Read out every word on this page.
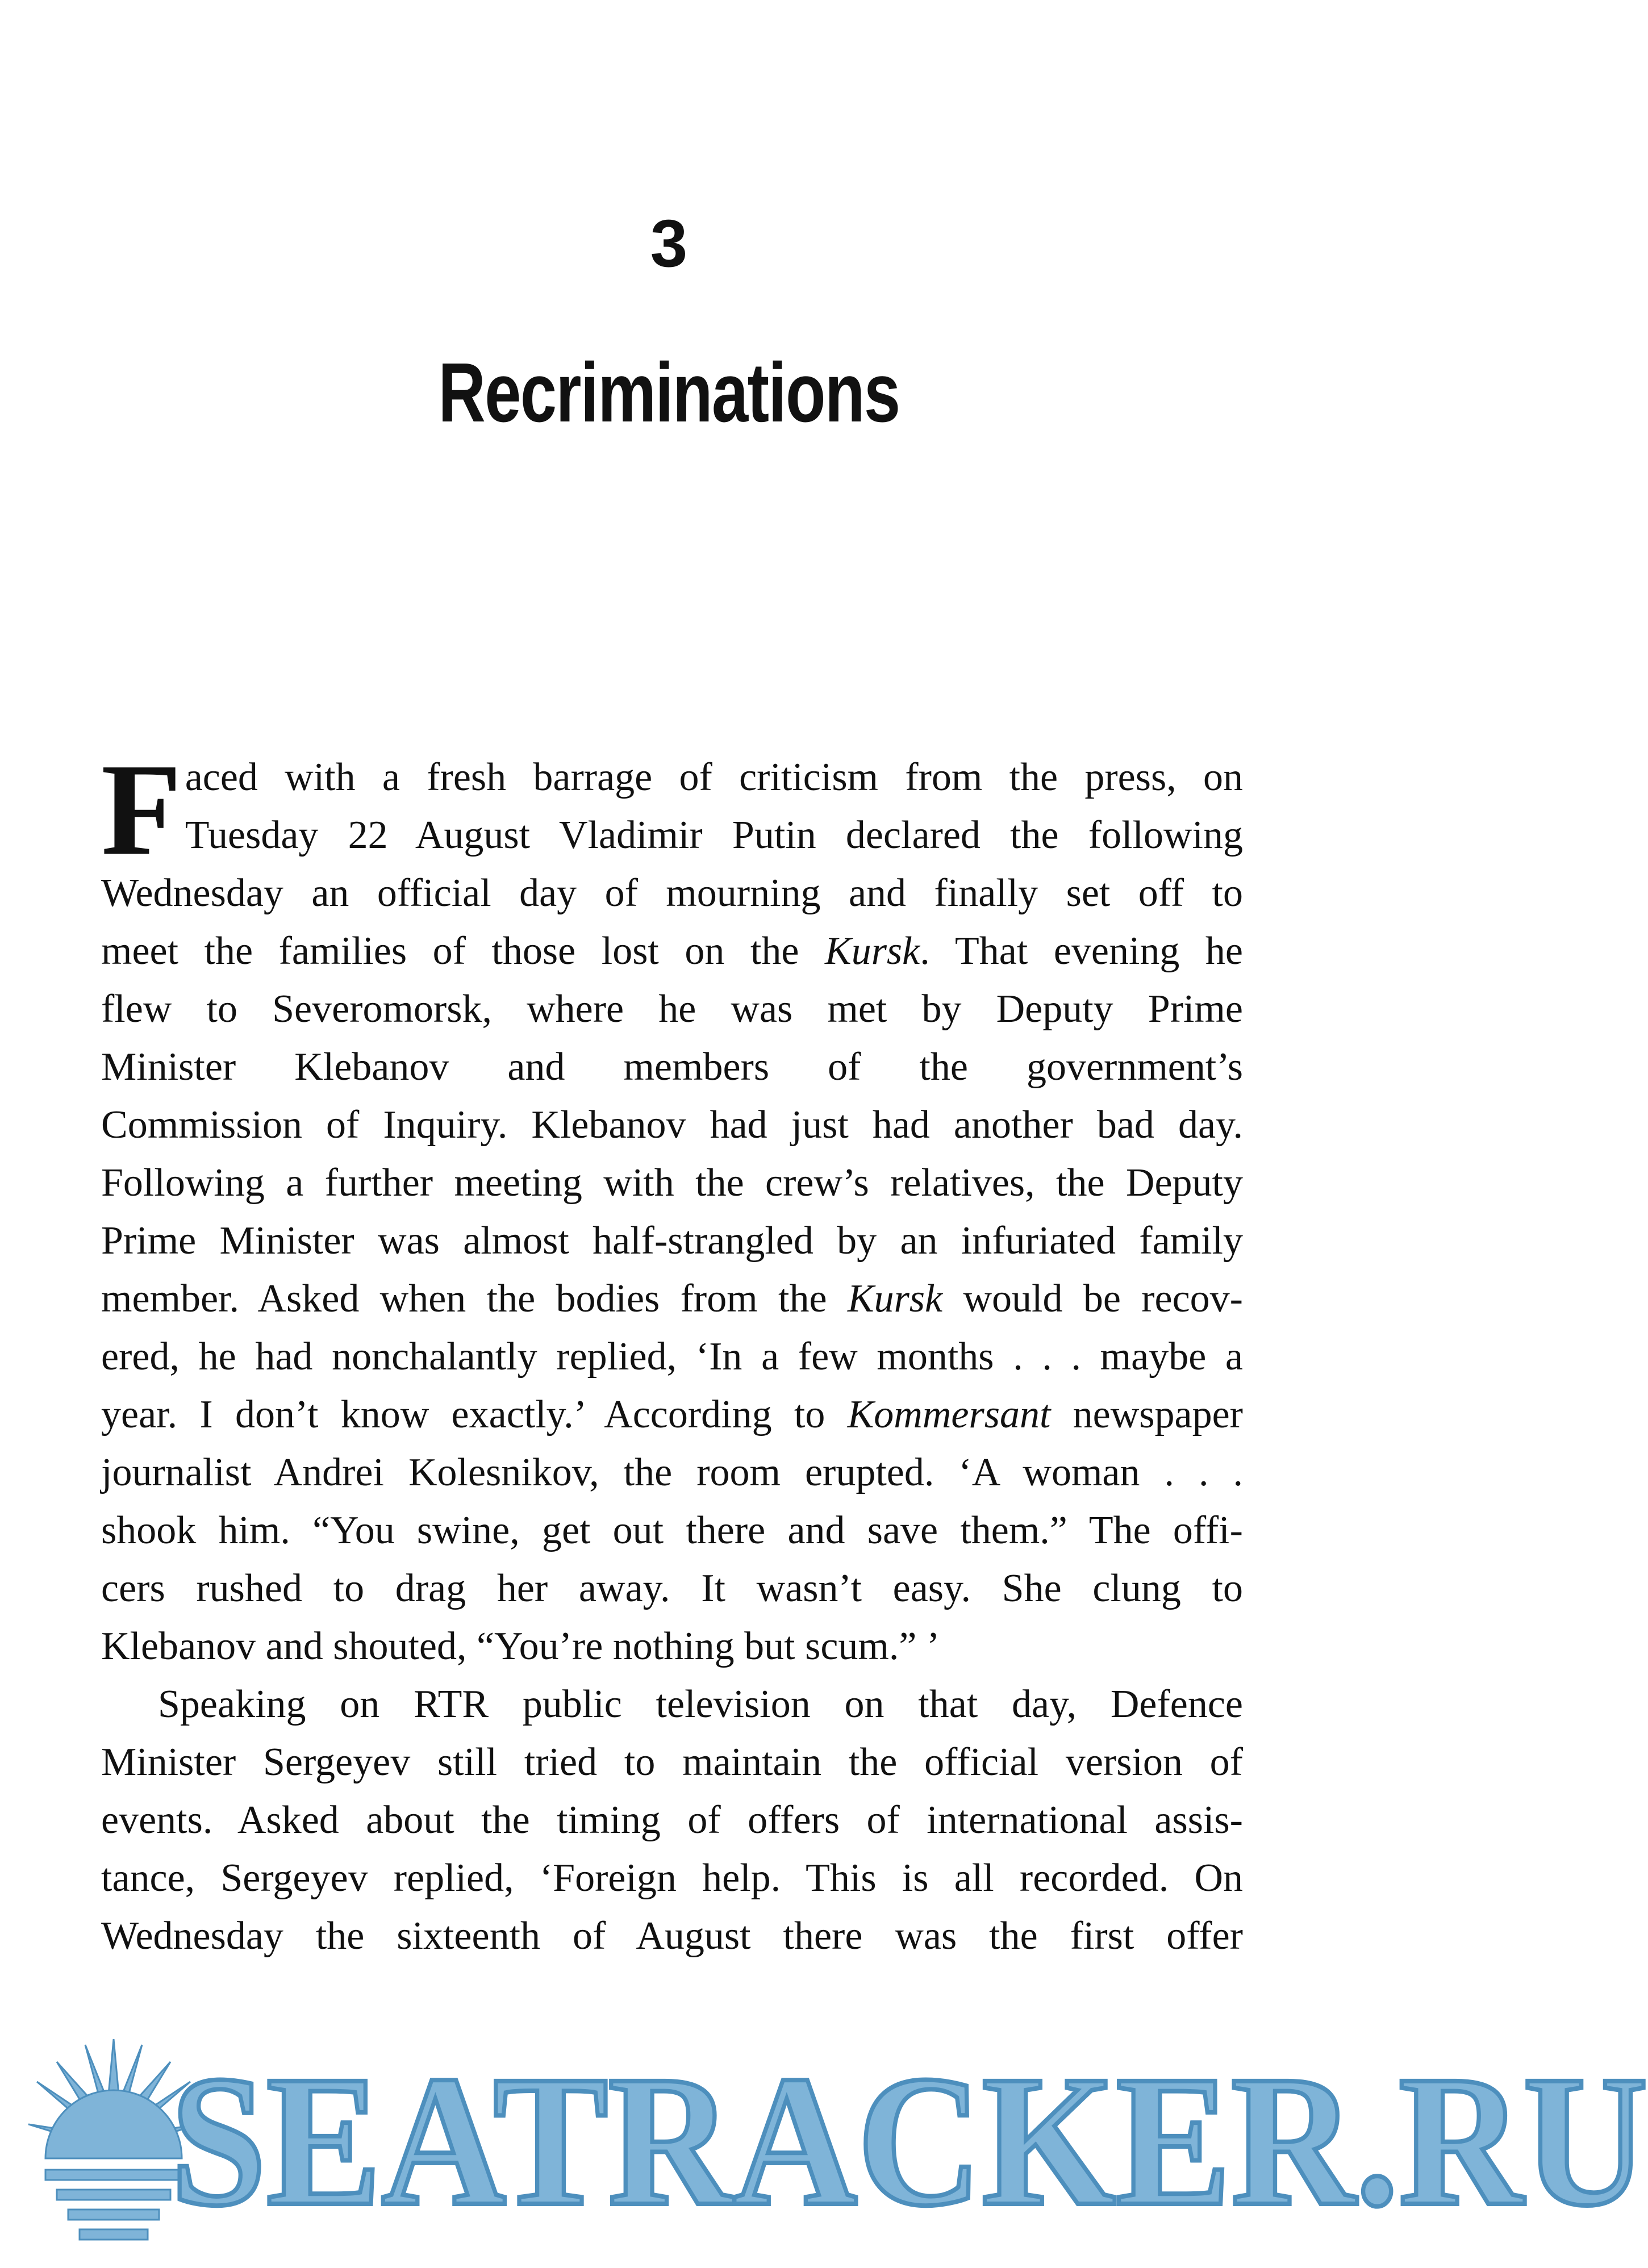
3
Recriminations
F aced with a fresh barrage of criticism from the press, on
Tuesday 22 August Vladimir Putin declared the following
Wednesday an official day of mourning and finally set off to
meet the families of those lost on the Kursk. That evening he
flew to Severomorsk, where he was met by Deputy Prime
Minister Klebanov and members of the government’s
Commission of Inquiry. Klebanov had just had another bad day.
Following a further meeting with the crew’s relatives, the Deputy
Prime Minister was almost half-strangled by an infuriated family
member. Asked when the bodies from the Kursk would be recov-
ered, he had nonchalantly replied, ‘In a few months . . . maybe a
year. I don’t know exactly.’ According to Kommersant newspaper
journalist Andrei Kolesnikov, the room erupted. ‘A woman . . .
shook him. “You swine, get out there and save them.” The offi-
cers rushed to drag her away. It wasn’t easy. She clung to
Klebanov and shouted, “You’re nothing but scum.” ’
Speaking on RTR public television on that day, Defence
Minister Sergeyev still tried to maintain the official version of
events. Asked about the timing of offers of international assis-
tance, Sergeyev replied, ‘Foreign help. This is all recorded. On
Wednesday the sixteenth of August there was the first offer
SEATRACKER.RU
